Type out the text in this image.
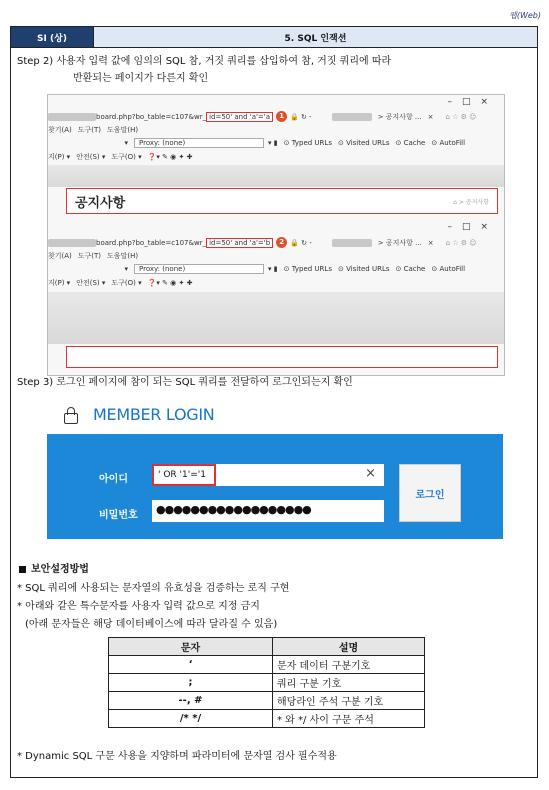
웹(Web)
SI (상)	5. SQL 인잭션
Step 2) 사용자 입력 값에 임의의 SQL 참, 거짓 쿼리를 삽입하여 참, 거짓 쿼리에 따라
반환되는 페이지가 다른지 확인
–□×
board.php?bo_table=c107&wr_ id=50' and 'a'='a	1 🔒 ↻ -	> 공지사항 ... × ⌂ ☆ ⚙ ☺
찾기(A) 도구(T) 도움말(H)
▾	Proxy: (none)	▾ ▮ ⊙ Typed URLs ⊙ Visited URLs ⊙ Cache ⊙ AutoFill
지(P) ▾ 안전(S) ▾ 도구(O) ▾ ❓▾ ✎ ◉ ✦ ✚
공지사항	⌂ > 공지사항
–□×
board.php?bo_table=c107&wr_ id=50' and 'a'='b	2 🔒 ↻ -	> 공지사항 ... × ⌂ ☆ ⚙ ☺
찾기(A) 도구(T) 도움말(H)
▾	Proxy: (none)	▾ ▮ ⊙ Typed URLs ⊙ Visited URLs ⊙ Cache ⊙ AutoFill
지(P) ▾ 안전(S) ▾ 도구(O) ▾ ❓▾ ✎ ◉ ✦ ✚
Step 3) 로그인 페이지에 참이 되는 SQL 쿼리를 전달하여 로그인되는지 확인
MEMBER LOGIN
아이디	' OR '1'='1	×
비밀번호 ●●●●●●●●●●●●●●●●●●
로그인
보안설정방법
* SQL 쿼리에 사용되는 문자열의 유효성을 검증하는 로직 구현
* 아래와 같은 특수문자를 사용자 입력 값으로 지정 금지
(아래 문자들은 해당 데이터베이스에 따라 달라질 수 있음)
문자	설명
‘	문자 데이터 구분기호
;	쿼리 구분 기호
--, #	해당라인 주석 구분 기호
/* */	* 와 */ 사이 구문 주석
* Dynamic SQL 구문 사용을 지양하며 파라미터에 문자열 검사 필수적용
